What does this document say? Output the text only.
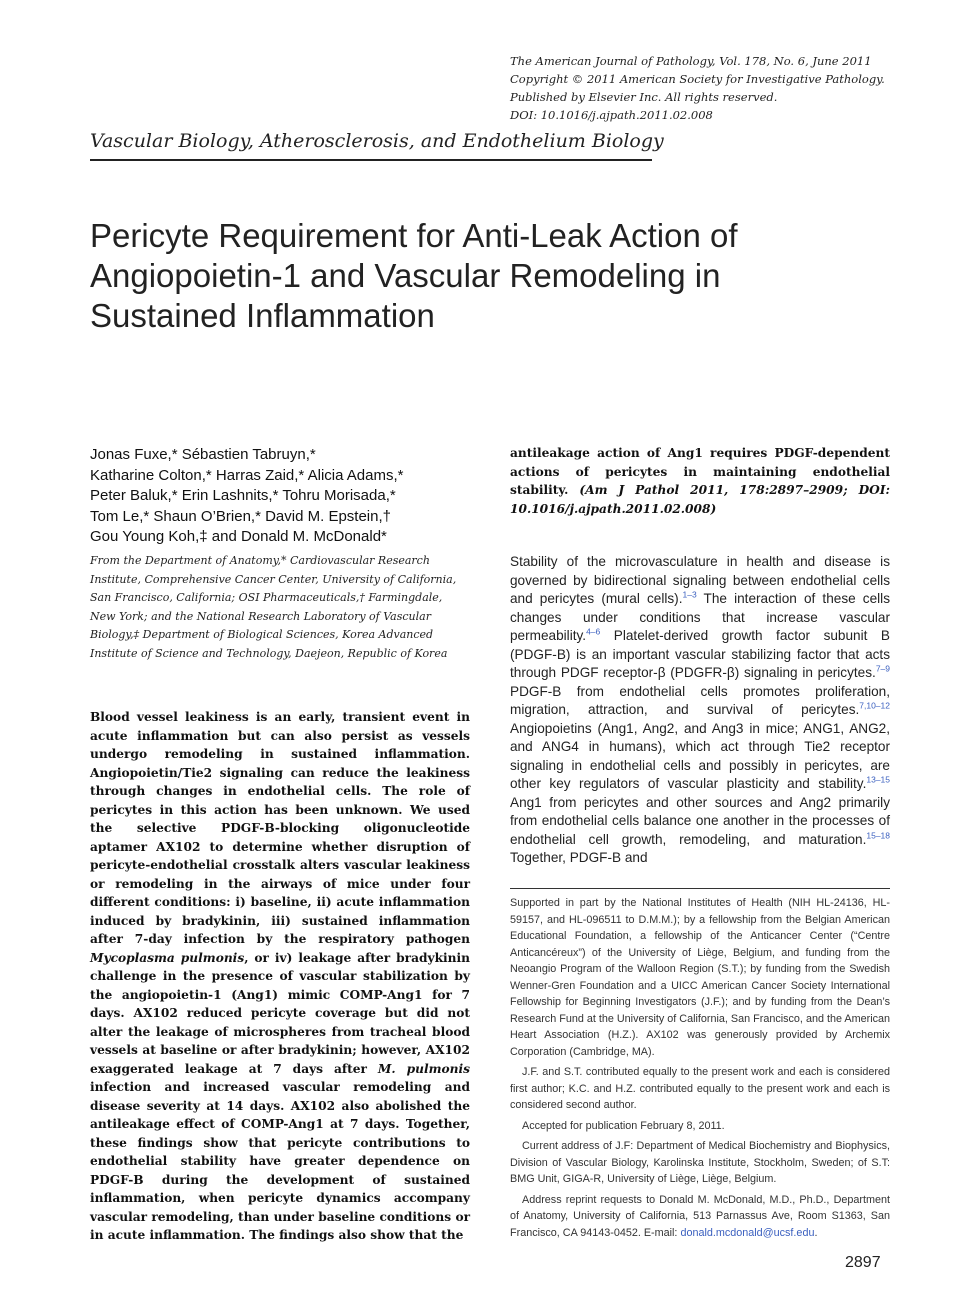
The American Journal of Pathology, Vol. 178, No. 6, June 2011
Copyright © 2011 American Society for Investigative Pathology.
Published by Elsevier Inc. All rights reserved.
DOI: 10.1016/j.ajpath.2011.02.008
Vascular Biology, Atherosclerosis, and Endothelium Biology
Pericyte Requirement for Anti-Leak Action of
Angiopoietin-1 and Vascular Remodeling in
Sustained Inflammation
Jonas Fuxe,* Sébastien Tabruyn,*
Katharine Colton,* Harras Zaid,* Alicia Adams,*
Peter Baluk,* Erin Lashnits,* Tohru Morisada,*
Tom Le,* Shaun O’Brien,* David M. Epstein,†
Gou Young Koh,‡ and Donald M. McDonald*
From the Department of Anatomy,* Cardiovascular Research
Institute, Comprehensive Cancer Center, University of California,
San Francisco, California; OSI Pharmaceuticals,† Farmingdale,
New York; and the National Research Laboratory of Vascular
Biology,‡ Department of Biological Sciences, Korea Advanced
Institute of Science and Technology, Daejeon, Republic of Korea
Blood vessel leakiness is an early, transient event in acute inflammation but can also persist as vessels undergo remodeling in sustained inflammation. Angiopoietin/Tie2 signaling can reduce the leakiness through changes in endothelial cells. The role of pericytes in this action has been unknown. We used the selective PDGF-B-blocking oligonucleotide aptamer AX102 to determine whether disruption of pericyte-endothelial crosstalk alters vascular leakiness or remodeling in the airways of mice under four different conditions: i) baseline, ii) acute inflammation induced by bradykinin, iii) sustained inflammation after 7-day infection by the respiratory pathogen Mycoplasma pulmonis, or iv) leakage after bradykinin challenge in the presence of vascular stabilization by the angiopoietin-1 (Ang1) mimic COMP-Ang1 for 7 days. AX102 reduced pericyte coverage but did not alter the leakage of microspheres from tracheal blood vessels at baseline or after bradykinin; however, AX102 exaggerated leakage at 7 days after M. pulmonis infection and increased vascular remodeling and disease severity at 14 days. AX102 also abolished the antileakage effect of COMP-Ang1 at 7 days. Together, these findings show that pericyte contributions to endothelial stability have greater dependence on PDGF-B during the development of sustained inflammation, when pericyte dynamics accompany vascular remodeling, than under baseline conditions or in acute inflammation. The findings also show that the
antileakage action of Ang1 requires PDGF-dependent actions of pericytes in maintaining endothelial stability. (Am J Pathol 2011, 178:2897–2909; DOI: 10.1016/j.ajpath.2011.02.008)
Stability of the microvasculature in health and disease is governed by bidirectional signaling between endothelial cells and pericytes (mural cells).$^{1-3}$ The interaction of these cells changes under conditions that increase vascular permeability.$^{4-6}$ Platelet-derived growth factor subunit B (PDGF-B) is an important vascular stabilizing factor that acts through PDGF receptor-β (PDGFR-β) signaling in pericytes.$^{7-9}$ PDGF-B from endothelial cells promotes proliferation, migration, attraction, and survival of pericytes.$^{7,10-12}$ Angiopoietins (Ang1, Ang2, and Ang3 in mice; ANG1, ANG2, and ANG4 in humans), which act through Tie2 receptor signaling in endothelial cells and possibly in pericytes, are other key regulators of vascular plasticity and stability.$^{13-15}$ Ang1 from pericytes and other sources and Ang2 primarily from endothelial cells balance one another in the processes of endothelial cell growth, remodeling, and maturation.$^{15-18}$ Together, PDGF-B and

Supported in part by the National Institutes of Health (NIH HL-24136, HL-59157, and HL-096511 to D.M.M.); by a fellowship from the Belgian American Educational Foundation, a fellowship of the Anticancer Center (“Centre Anticancéreux”) of the University of Liège, Belgium, and funding from the Neoangio Program of the Walloon Region (S.T.); by funding from the Swedish Wenner-Gren Foundation and a UICC American Cancer Society International Fellowship for Beginning Investigators (J.F.); and by funding from the Dean’s Research Fund at the University of California, San Francisco, and the American Heart Association (H.Z.). AX102 was generously provided by Archemix Corporation (Cambridge, MA).

J.F. and S.T. contributed equally to the present work and each is considered first author; K.C. and H.Z. contributed equally to the present work and each is considered second author.

Accepted for publication February 8, 2011.

Current address of J.F: Department of Medical Biochemistry and Biophysics, Division of Vascular Biology, Karolinska Institute, Stockholm, Sweden; of S.T: BMG Unit, GIGA-R, University of Liège, Liège, Belgium.

Address reprint requests to Donald M. McDonald, M.D., Ph.D., Department of Anatomy, University of California, 513 Parnassus Ave, Room S1363, San Francisco, CA 94143-0452. E-mail: donald.mcdonald@ucsf.edu.

2897
